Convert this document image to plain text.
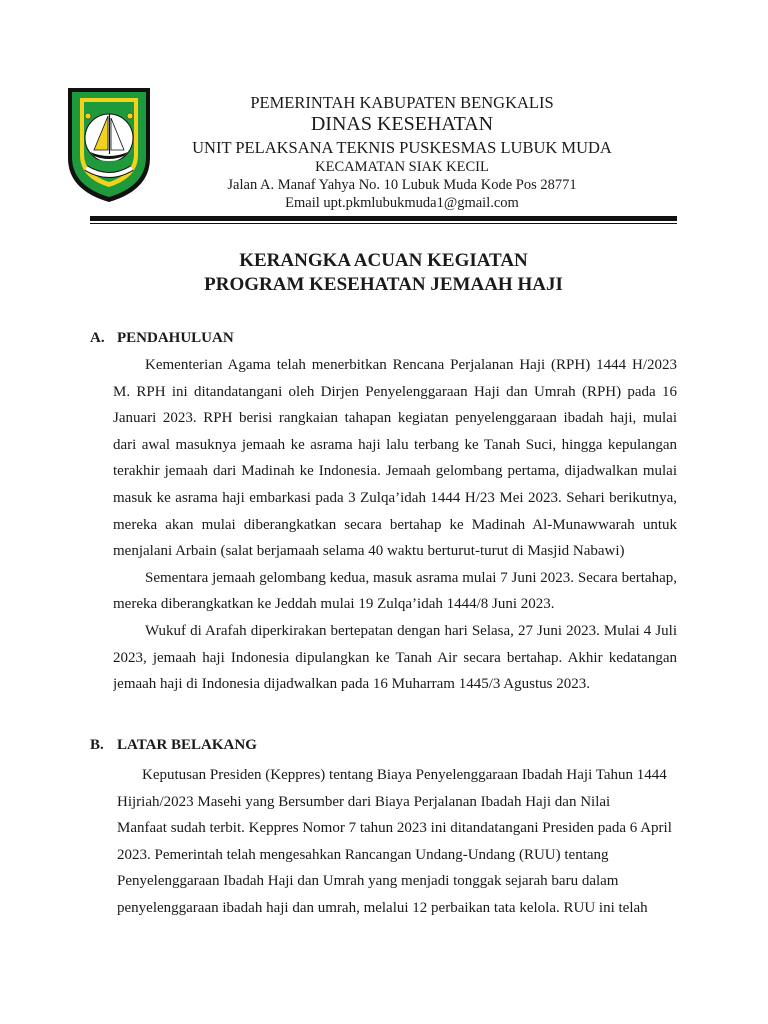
PEMERINTAH KABUPATEN BENGKALIS
DINAS KESEHATAN
UNIT PELAKSANA TEKNIS PUSKESMAS LUBUK MUDA
KECAMATAN SIAK KECIL
Jalan A. Manaf Yahya No. 10 Lubuk Muda Kode Pos 28771
Email upt.pkmlubukmuda1@gmail.com
KERANGKA ACUAN KEGIATAN
PROGRAM KESEHATAN JEMAAH HAJI
A. PENDAHULUAN
Kementerian Agama telah menerbitkan Rencana Perjalanan Haji (RPH) 1444 H/2023
M. RPH ini ditandatangani oleh Dirjen Penyelenggaraan Haji dan Umrah (RPH) pada 16
Januari 2023. RPH berisi rangkaian tahapan kegiatan penyelenggaraan ibadah haji, mulai
dari awal masuknya jemaah ke asrama haji lalu terbang ke Tanah Suci, hingga kepulangan
terakhir jemaah dari Madinah ke Indonesia. Jemaah gelombang pertama, dijadwalkan mulai
masuk ke asrama haji embarkasi pada 3 Zulqa’idah 1444 H/23 Mei 2023. Sehari berikutnya,
mereka akan mulai diberangkatkan secara bertahap ke Madinah Al-Munawwarah untuk
menjalani Arbain (salat berjamaah selama 40 waktu berturut-turut di Masjid Nabawi)
Sementara jemaah gelombang kedua, masuk asrama mulai 7 Juni 2023. Secara bertahap,
mereka diberangkatkan ke Jeddah mulai 19 Zulqa’idah 1444/8 Juni 2023.
Wukuf di Arafah diperkirakan bertepatan dengan hari Selasa, 27 Juni 2023. Mulai 4 Juli
2023, jemaah haji Indonesia dipulangkan ke Tanah Air secara bertahap. Akhir kedatangan
jemaah haji di Indonesia dijadwalkan pada 16 Muharram 1445/3 Agustus 2023.
B. LATAR BELAKANG
Keputusan Presiden (Keppres) tentang Biaya Penyelenggaraan Ibadah Haji Tahun 1444
Hijriah/2023 Masehi yang Bersumber dari Biaya Perjalanan Ibadah Haji dan Nilai
Manfaat sudah terbit. Keppres Nomor 7 tahun 2023 ini ditandatangani Presiden pada 6 April
2023. Pemerintah telah mengesahkan Rancangan Undang-Undang (RUU) tentang
Penyelenggaraan Ibadah Haji dan Umrah yang menjadi tonggak sejarah baru dalam
penyelenggaraan ibadah haji dan umrah, melalui 12 perbaikan tata kelola. RUU ini telah
